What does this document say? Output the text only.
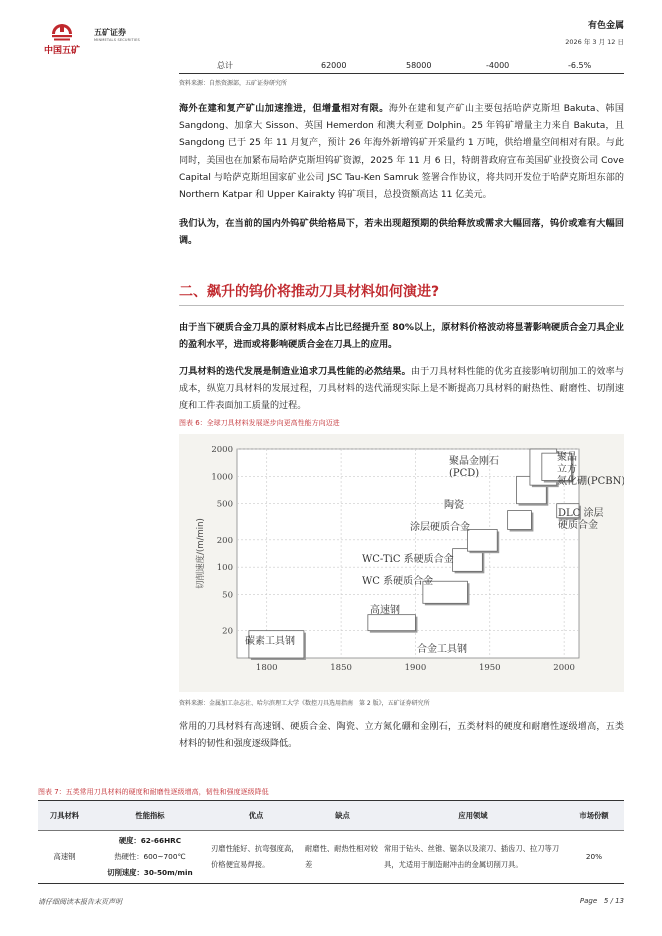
中国五矿
五矿证券
MINMETALS SECURITIES
有色金属
2026 年 3 月 12 日
总计	62000	58000	-4000	-6.5%
资料来源：自然资源部，五矿证券研究所

海外在建和复产矿山加速推进，但增量相对有限。海外在建和复产矿山主要包括哈萨克斯坦 Bakuta、韩国 Sangdong、加拿大 Sisson、英国 Hemerdon 和澳大利亚 Dolphin。25 年钨矿增量主力来自 Bakuta，且 Sangdong 已于 25 年 11 月复产，预计 26 年海外新增钨矿开采量约 1 万吨，供给增量空间相对有限。与此同时，美国也在加紧布局哈萨克斯坦钨矿资源，2025 年 11 月 6 日，特朗普政府宣布美国矿业投资公司 Cove Capital 与哈萨克斯坦国家矿业公司 JSC Tau-Ken Samruk 签署合作协议，将共同开发位于哈萨克斯坦东部的 Northern Katpar 和 Upper Kairakty 钨矿项目，总投资额高达 11 亿美元。

我们认为，在当前的国内外钨矿供给格局下，若未出现超预期的供给释放或需求大幅回落，钨价或难有大幅回调。

二、飙升的钨价将推动刀具材料如何演进?

由于当下硬质合金刀具的原材料成本占比已经提升至 80%以上，原材料价格波动将显著影响硬质合金刀具企业的盈利水平，进而或将影响硬质合金在刀具上的应用。

刀具材料的迭代发展是制造业追求刀具性能的必然结果。由于刀具材料性能的优劣直接影响切削加工的效率与成本，纵览刀具材料的发展过程，刀具材料的迭代涌现实际上是不断提高刀具材料的耐热性、耐磨性、切削速度和工件表面加工质量的过程。

图表 6：全球刀具材料发展逐步向更高性能方向迈进
20
50
100
200
500
1000
2000
1800	1850	1900	1950	2000
切削速度/(m/min)
碳素工具钢
合金工具钢
高速钢
WC 系硬质合金
WC-TiC 系硬质合金
涂层硬质合金
陶瓷
聚晶金刚石(PCD)
聚晶立方氮化硼(PCBN)
DLC 涂层硬质合金
资料来源：金属加工杂志社、哈尔滨理工大学《数控刀具选用指南　第 2 版》，五矿证券研究所

常用的刀具材料有高速钢、硬质合金、陶瓷、立方氮化硼和金刚石，五类材料的硬度和耐磨性逐级增高，五类材料的韧性和强度逐级降低。

图表 7：五类常用刀具材料的硬度和耐磨性逐级增高，韧性和强度逐级降低
刀具材料	性能指标	优点	缺点	应用领域	市场份额
高速钢	硬度：62-66HRC
热硬性：600~700℃
切削速度：30-50m/min	刃磨性能好、抗弯强度高，价格便宜易焊接。	耐磨性、耐热性相对较差	常用于钻头、丝锥、锯条以及滚刀、插齿刀、拉刀等刀具，尤适用于制造耐冲击的金属切削刀具。	20%
请仔细阅读本报告末页声明	Page 5 / 13
